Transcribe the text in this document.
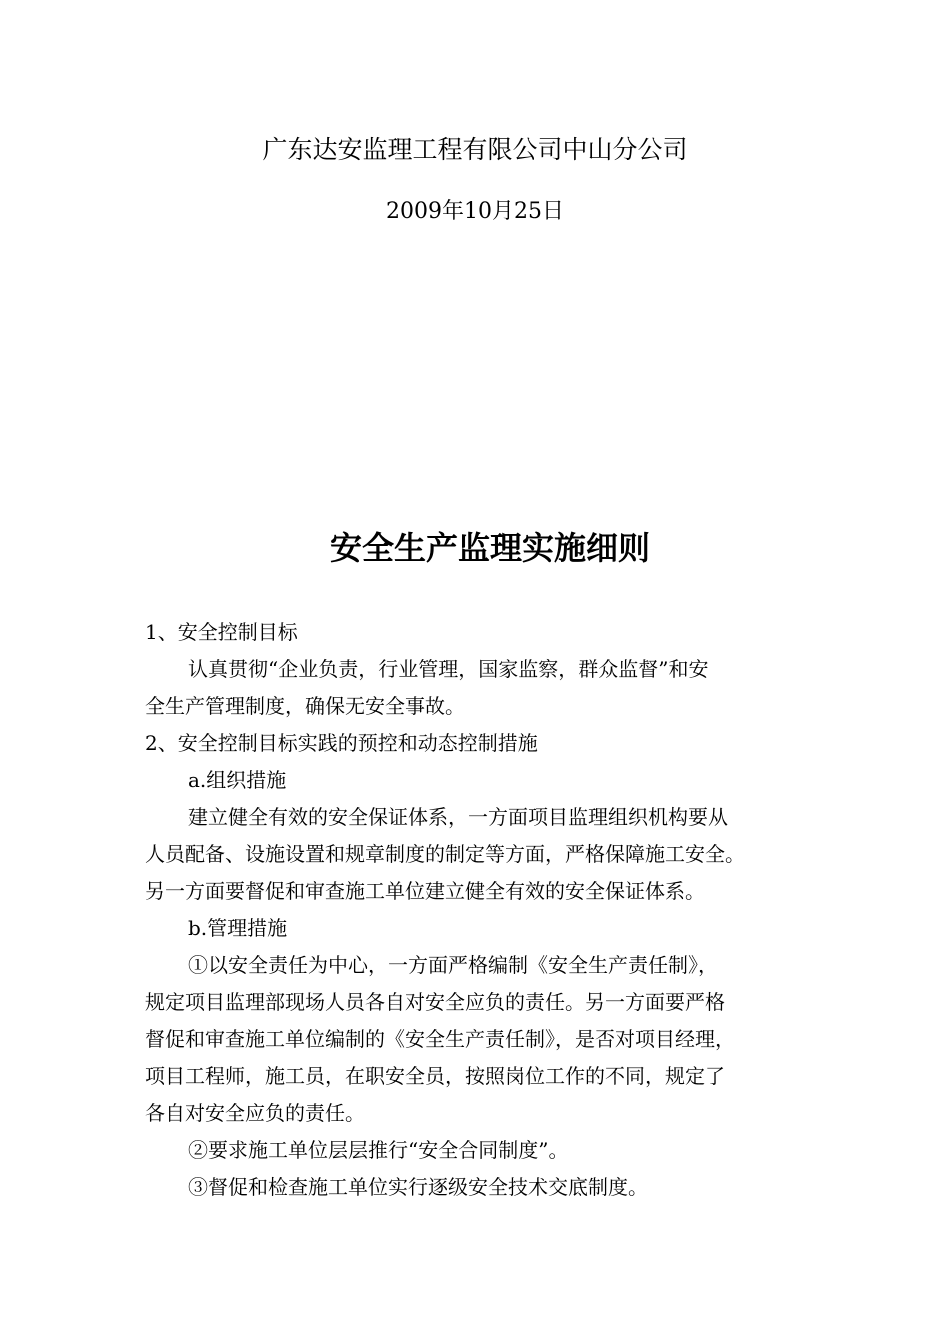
广东达安监理工程有限公司中山分公司
2009年10月25日
安全生产监理实施细则
1、安全控制目标
认真贯彻“企业负责，行业管理，国家监察，群众监督”和安
全生产管理制度，确保无安全事故。
2、安全控制目标实践的预控和动态控制措施
a.组织措施
建立健全有效的安全保证体系，一方面项目监理组织机构要从
人员配备、设施设置和规章制度的制定等方面，严格保障施工安全。
另一方面要督促和审查施工单位建立健全有效的安全保证体系。
b.管理措施
①以安全责任为中心，一方面严格编制《安全生产责任制》，
规定项目监理部现场人员各自对安全应负的责任。另一方面要严格
督促和审查施工单位编制的《安全生产责任制》，是否对项目经理，
项目工程师，施工员，在职安全员，按照岗位工作的不同，规定了
各自对安全应负的责任。
②要求施工单位层层推行“安全合同制度”。
③督促和检查施工单位实行逐级安全技术交底制度。
